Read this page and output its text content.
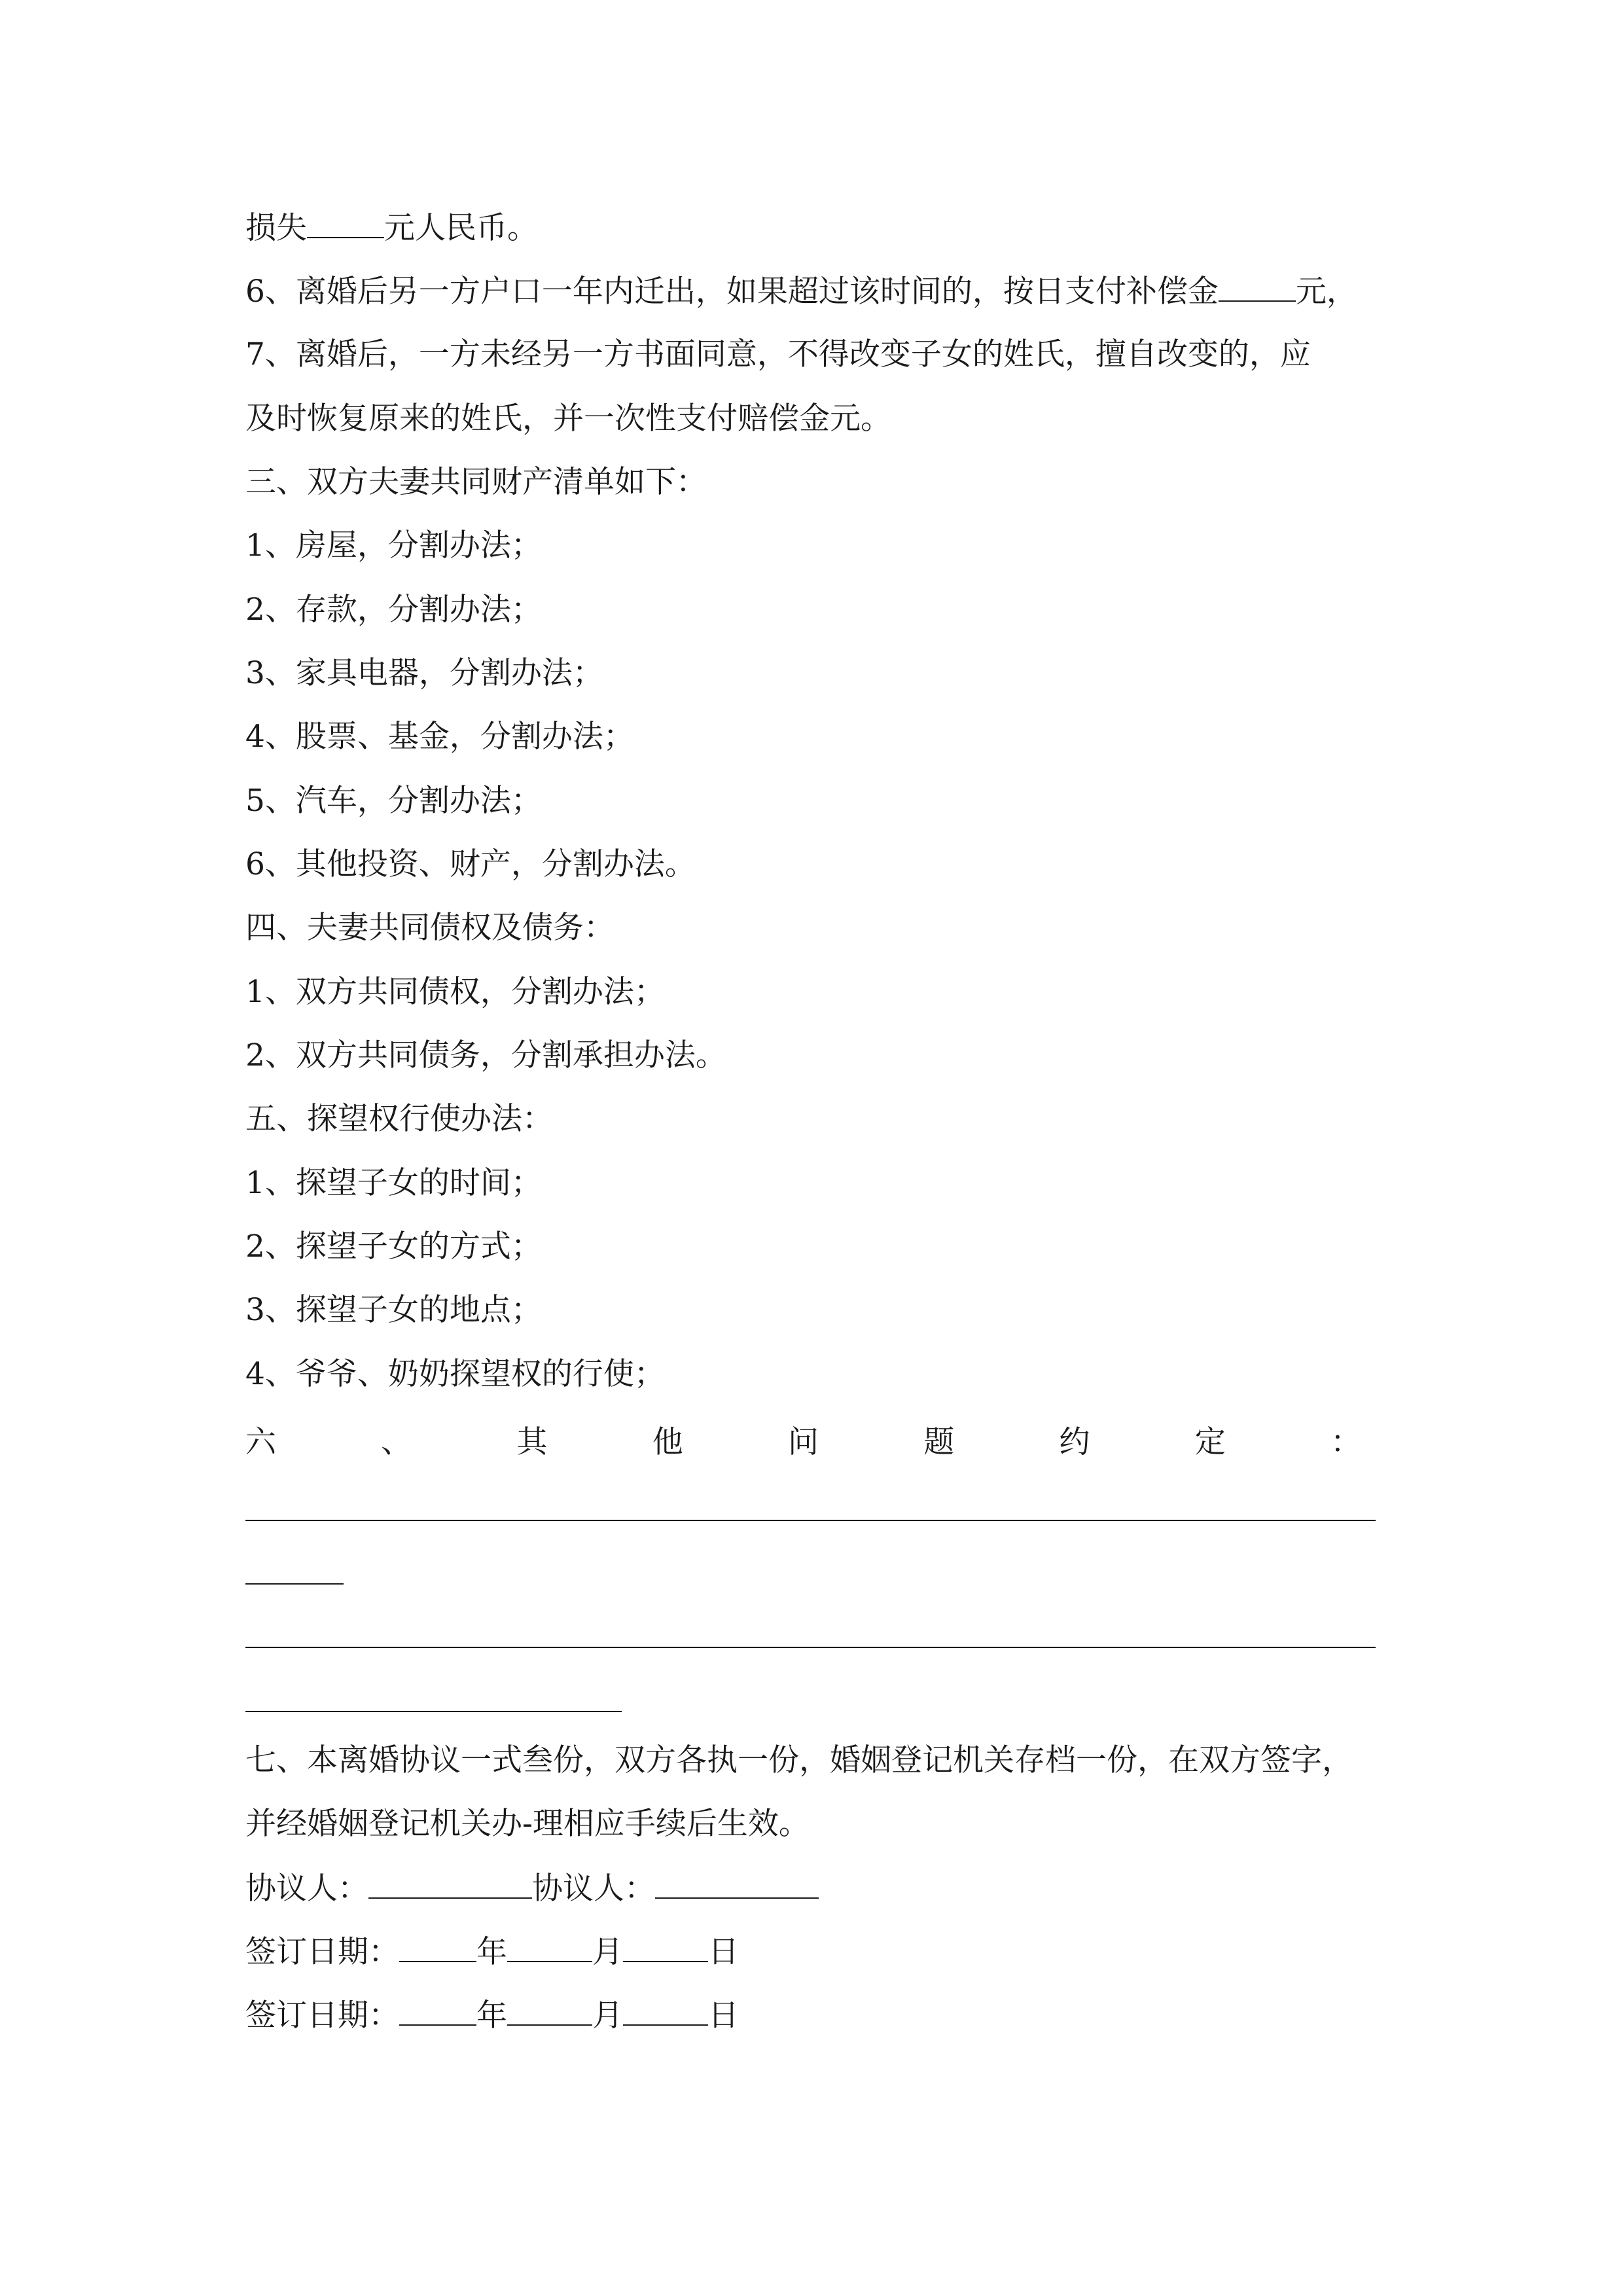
损失	元人民币。
6、离婚后另一方户口一年内迁出，如果超过该时间的，按日支付补偿金	元，
7、离婚后，一方未经另一方书面同意，不得改变子女的姓氏，擅自改变的，应
及时恢复原来的姓氏，并一次性支付赔偿金元。
三、双方夫妻共同财产清单如下：
1、房屋，分割办法；
2、存款，分割办法；
3、家具电器，分割办法；
4、股票、基金，分割办法；
5、汽车，分割办法；
6、其他投资、财产，分割办法。
四、夫妻共同债权及债务：
1、双方共同债权，分割办法；
2、双方共同债务，分割承担办法。
五、探望权行使办法：
1、探望子女的时间；
2、探望子女的方式；
3、探望子女的地点；
4、爷爷、奶奶探望权的行使；
六	、	其	他	问	题	约	定	：
七、本离婚协议一式叁份，双方各执一份，婚姻登记机关存档一份，在双方签字，
并经婚姻登记机关办-理相应手续后生效。
协议人：	协议人：
签订日期：	年	月	日
签订日期：	年	月	日
